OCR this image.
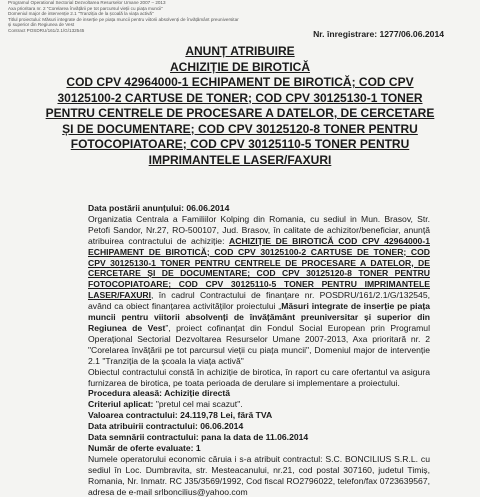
Programul Operational Sectorial Dezvoltarea Resurselor Umane 2007 – 2013
Axa prioritara nr. 2 "Corelarea învățării pe tot parcursul vieții cu piața muncii"
Domeniul major de intervenție 2.1 "Tranziția de la școală la viața activă"
Titlul proiectului: Măsuri integrate de inserție pe piața muncii pentru viitorii absolvenți de învățământ preuniversitar
și superior din Regiunea de Vest
Contract POSDRU/161/2.1/G/132545	Nr. înregistrare: 1277/06.06.2014
ANUNȚ ATRIBUIRE
ACHIZIȚIE DE BIROTICĂ
COD CPV 42964000-1 ECHIPAMENT DE BIROTICĂ; COD CPV
30125100-2 CARTUSE DE TONER; COD CPV 30125130-1 TONER
PENTRU CENTRELE DE PROCESARE A DATELOR, DE CERCETARE
ȘI DE DOCUMENTARE; COD CPV 30125120-8 TONER PENTRU
FOTOCOPIATOARE; COD CPV 30125110-5 TONER PENTRU
IMPRIMANTELE LASER/FAXURI

Data postării anunțului: 06.06.2014

Organizatia Centrala a Familiilor Kolping din Romania, cu sediul in Mun. Brasov, Str. Petofi Sandor, Nr.27, RO-500107, Jud. Brasov, în calitate de achizitor/beneficiar, anunță atribuirea contractului de achiziție: ACHIZIȚIE DE BIROTICĂ COD CPV 42964000-1 ECHIPAMENT DE BIROTICĂ; COD CPV 30125100-2 CARTUSE DE TONER; COD CPV 30125130-1 TONER PENTRU CENTRELE DE PROCESARE A DATELOR, DE CERCETARE ȘI DE DOCUMENTARE; COD CPV 30125120-8 TONER PENTRU FOTOCOPIATOARE; COD CPV 30125110-5 TONER PENTRU IMPRIMANTELE LASER/FAXURI, în cadrul Contractului de finanțare nr. POSDRU/161/2.1/G/132545, având ca obiect finanțarea activităților proiectului „Măsuri integrate de inserție pe piața muncii pentru viitorii absolvenți de învățământ preuniversitar și superior din Regiunea de Vest”, proiect cofinanțat din Fondul Social European prin Programul Operațional Sectorial Dezvoltarea Resurselor Umane 2007-2013, Axa prioritară nr. 2 "Corelarea învățării pe tot parcursul vieții cu piața muncii", Domeniul major de intervenție 2.1 "Tranziția de la școala la viața activă"

Obiectul contractului constă în achiziție de birotica, în raport cu care ofertantul va asigura furnizarea de birotica, pe toata perioada de derulare si implementare a proiectului.

Procedura aleasă: Achiziție directă

Criteriul aplicat: "pretul cel mai scazut".

Valoarea contractului: 24.119,78 Lei, fără TVA

Data atribuirii contractului: 06.06.2014

Data semnării contractului: pana la data de 11.06.2014

Număr de oferte evaluate: 1

Numele operatorului economic căruia i s-a atribuit contractul: S.C. BONCILIUS S.R.L. cu sediul în Loc. Dumbravita, str. Mesteacanului, nr.21, cod postal 307160, judetul Timiș, Romania, Nr. Inmatr. RC J35/3569/1992, Cod fiscal RO2796022, telefon/fax 0723639567, adresa de e-mail srlboncilius@yahoo.com
